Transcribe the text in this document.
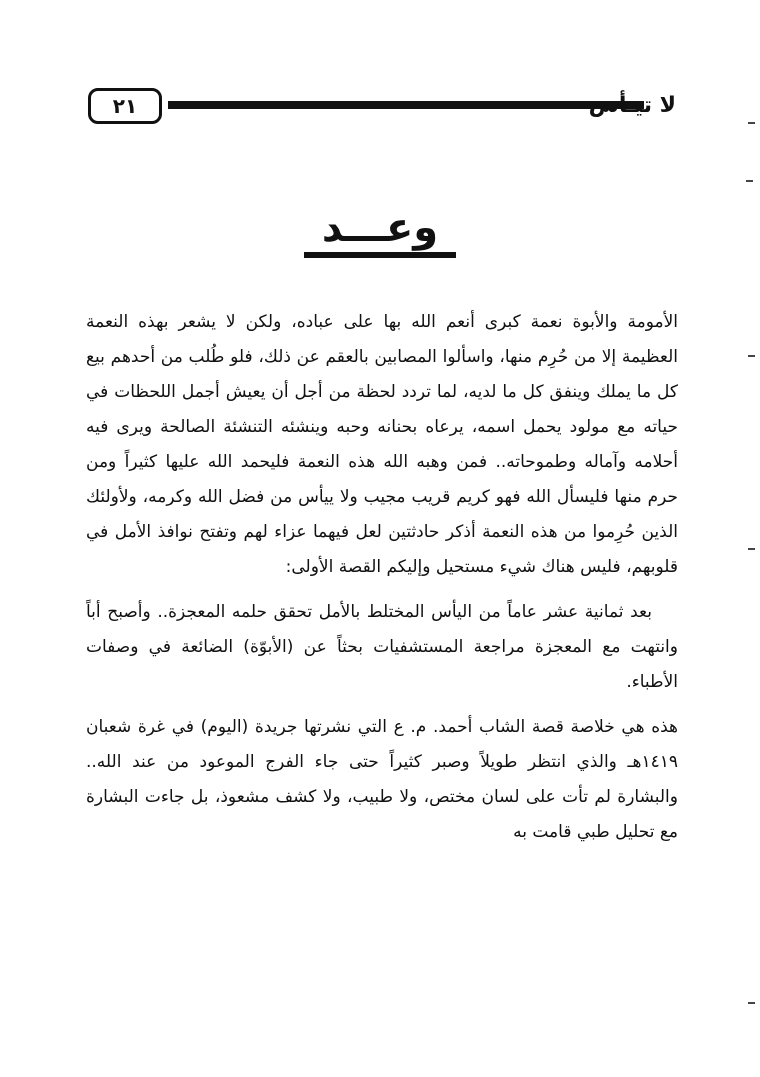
٢١	لا تيـأس
وعـــد

الأمومة والأبوة نعمة كبرى أنعم الله بها على عباده، ولكن لا يشعر بهذه النعمة العظيمة إلا من حُرِم منها، واسألوا المصابين بالعقم عن ذلك، فلو طُلب من أحدهم بيع كل ما يملك وينفق كل ما لديه، لما تردد لحظة من أجل أن يعيش أجمل اللحظات في حياته مع مولود يحمل اسمه، يرعاه بحنانه وحبه وينشئه التنشئة الصالحة ويرى فيه أحلامه وآماله وطموحاته.. فمن وهبه الله هذه النعمة فليحمد الله عليها كثيراً ومن حرم منها فليسأل الله فهو كريم قريب مجيب ولا ييأس من فضل الله وكرمه، ولأولئك الذين حُرِموا من هذه النعمة أذكر حادثتين لعل فيهما عزاء لهم وتفتح نوافذ الأمل في قلوبهم، فليس هناك شيء مستحيل وإليكم القصة الأولى:

بعد ثمانية عشر عاماً من اليأس المختلط بالأمل تحقق حلمه المعجزة.. وأصبح أباً وانتهت مع المعجزة مراجعة المستشفيات بحثاً عن (الأبوّة) الضائعة في وصفات الأطباء.

هذه هي خلاصة قصة الشاب أحمد. م. ع التي نشرتها جريدة (اليوم) في غرة شعبان ١٤١٩هـ والذي انتظر طويلاً وصبر كثيراً حتى جاء الفرج الموعود من عند الله.. والبشارة لم تأت على لسان مختص، ولا طبيب، ولا كشف مشعوذ، بل جاءت البشارة مع تحليل طبي قامت به
